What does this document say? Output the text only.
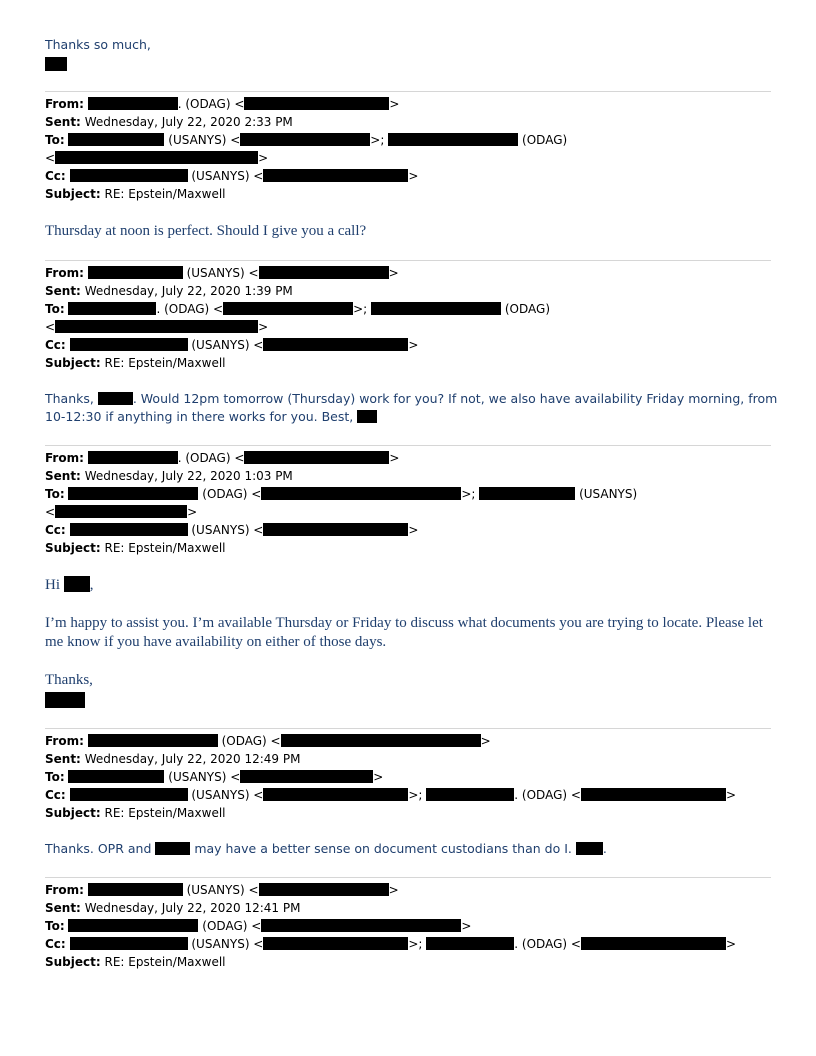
Thanks so much,
From:	. (ODAG) <	>
Sent: Wednesday, July 22, 2020 2:33 PM
To:	(USANYS) <	>;	(ODAG)
<	>
Cc:	(USANYS) <	>
Subject: RE: Epstein/Maxwell
Thursday at noon is perfect. Should I give you a call?
From:	(USANYS) <	>
Sent: Wednesday, July 22, 2020 1:39 PM
To:	. (ODAG) <	>;	(ODAG)
<	>
Cc:	(USANYS) <	>
Subject: RE: Epstein/Maxwell
Thanks,	. Would 12pm tomorrow (Thursday) work for you? If not, we also have availability Friday morning, from
10-12:30 if anything in there works for you. Best,
From:	. (ODAG) <	>
Sent: Wednesday, July 22, 2020 1:03 PM
To:	(ODAG) <	>;	(USANYS)
<	>
Cc:	(USANYS) <	>
Subject: RE: Epstein/Maxwell
Hi ,
I’m happy to assist you. I’m available Thursday or Friday to discuss what documents you are trying to locate. Please let me know if you have availability on either of those days.
Thanks,
From:	(ODAG) <	>
Sent: Wednesday, July 22, 2020 12:49 PM
To:	(USANYS) <	>
Cc:	(USANYS) <	>;	. (ODAG) <	>
Subject: RE: Epstein/Maxwell
Thanks. OPR and	may have a better sense on document custodians than do I. .
From:	(USANYS) <	>
Sent: Wednesday, July 22, 2020 12:41 PM
To:	(ODAG) <	>
Cc:	(USANYS) <	>;	. (ODAG) <	>
Subject: RE: Epstein/Maxwell
